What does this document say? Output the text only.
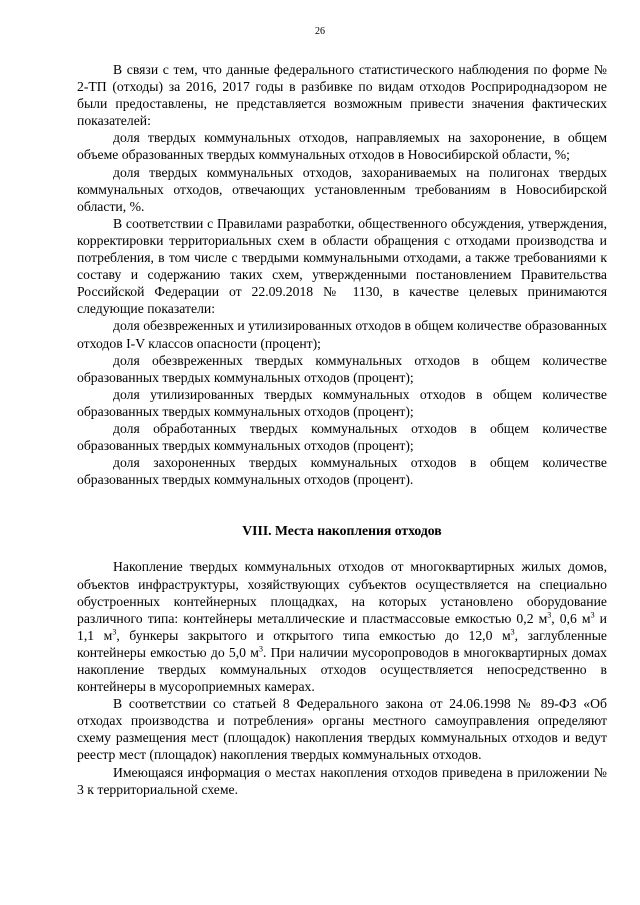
26

В связи с тем, что данные федерального статистического наблюдения по форме № 2-ТП (отходы) за 2016, 2017 годы в разбивке по видам отходов Росприроднадзором не были предоставлены, не представляется возможным привести значения фактических показателей:

доля твердых коммунальных отходов, направляемых на захоронение, в общем объеме образованных твердых коммунальных отходов в Новосибирской области, %;

доля твердых коммунальных отходов, захораниваемых на полигонах твердых коммунальных отходов, отвечающих установленным требованиям в Новосибирской области, %.

В соответствии с Правилами разработки, общественного обсуждения, утверждения, корректировки территориальных схем в области обращения с отходами производства и потребления, в том числе с твердыми коммунальными отходами, а также требованиями к составу и содержанию таких схем, утвержденными постановлением Правительства Российской Федерации от 22.09.2018 № 1130, в качестве целевых принимаются следующие показатели:

доля обезвреженных и утилизированных отходов в общем количестве образованных отходов I-V классов опасности (процент);

доля обезвреженных твердых коммунальных отходов в общем количестве образованных твердых коммунальных отходов (процент);

доля утилизированных твердых коммунальных отходов в общем количестве образованных твердых коммунальных отходов (процент);

доля обработанных твердых коммунальных отходов в общем количестве образованных твердых коммунальных отходов (процент);

доля захороненных твердых коммунальных отходов в общем количестве образованных твердых коммунальных отходов (процент).

VIII. Места накопления отходов

Накопление твердых коммунальных отходов от многоквартирных жилых домов, объектов инфраструктуры, хозяйствующих субъектов осуществляется на специально обустроенных контейнерных площадках, на которых установлено оборудование различного типа: контейнеры металлические и пластмассовые емкостью 0,2 $м^3$, 0,6 $м^3$ и 1,1 $м^3$, бункеры закрытого и открытого типа емкостью до 12,0 $м^3$, заглубленные контейнеры емкостью до 5,0 $м^3$. При наличии мусоропроводов в многоквартирных домах накопление твердых коммунальных отходов осуществляется непосредственно в контейнеры в мусороприемных камерах.

В соответствии со статьей 8 Федерального закона от 24.06.1998 № 89-ФЗ «Об отходах производства и потребления» органы местного самоуправления определяют схему размещения мест (площадок) накопления твердых коммунальных отходов и ведут реестр мест (площадок) накопления твердых коммунальных отходов.

Имеющаяся информация о местах накопления отходов приведена в приложении № 3 к территориальной схеме.
